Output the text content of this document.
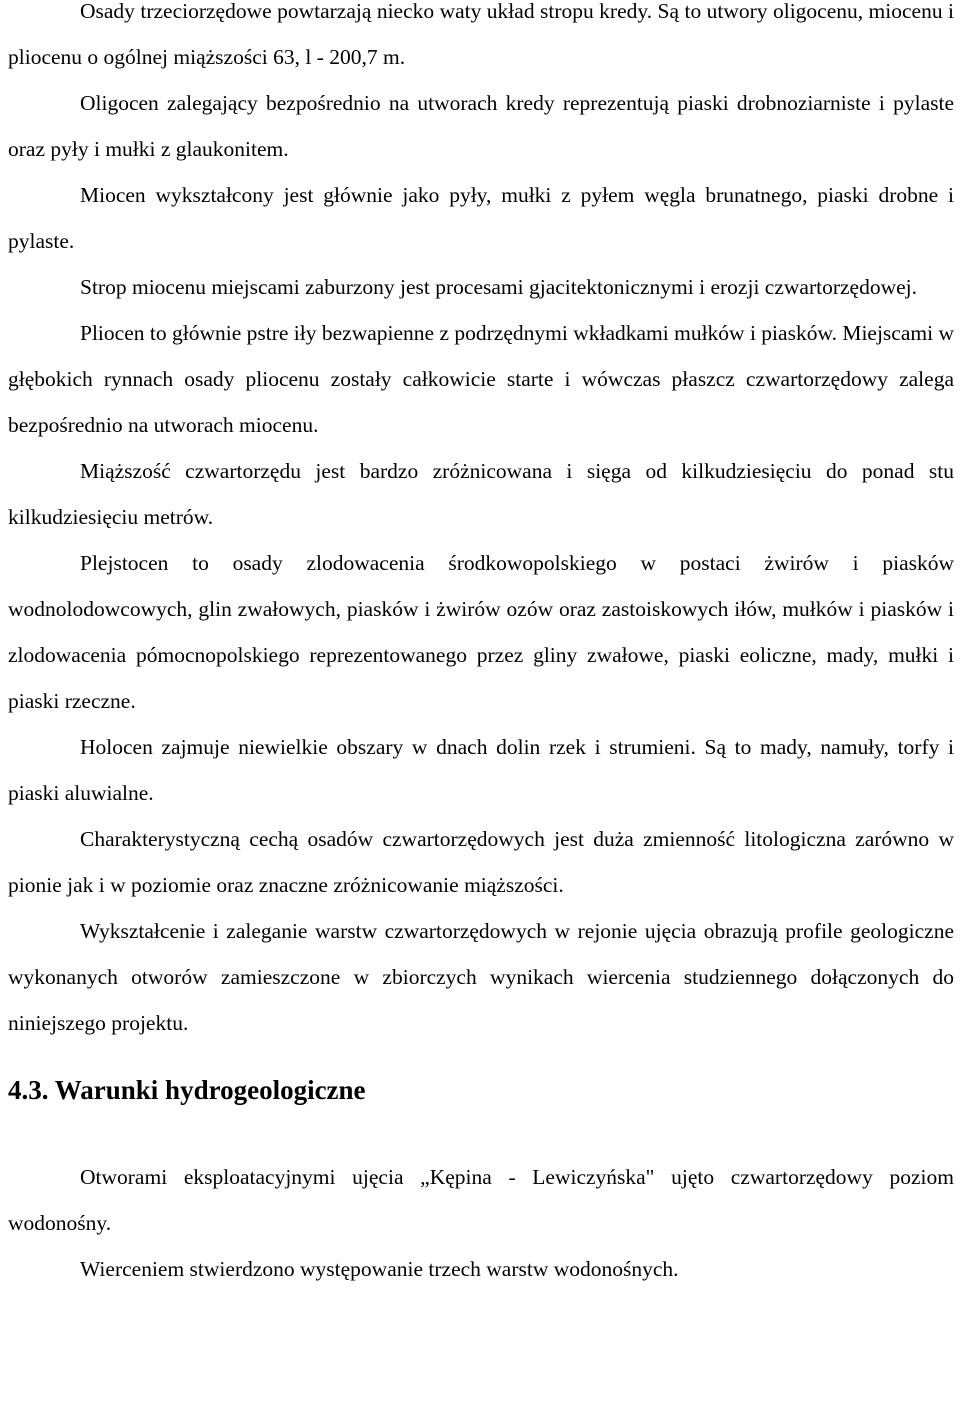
Osady trzeciorzędowe powtarzają niecko waty układ stropu kredy. Są to utwory oligocenu, miocenu i pliocenu o ogólnej miąższości 63, l - 200,7 m.

Oligocen zalegający bezpośrednio na utworach kredy reprezentują piaski drobnoziarniste i pylaste oraz pyły i mułki z glaukonitem.

Miocen wykształcony jest głównie jako pyły, mułki z pyłem węgla brunatnego, piaski drobne i pylaste.

Strop miocenu miejscami zaburzony jest procesami gjacitektonicznymi i erozji czwartorzędowej.

Pliocen to głównie pstre iły bezwapienne z podrzędnymi wkładkami mułków i piasków. Miejscami w głębokich rynnach osady pliocenu zostały całkowicie starte i wówczas płaszcz czwartorzędowy zalega bezpośrednio na utworach miocenu.

Miąższość czwartorzędu jest bardzo zróżnicowana i sięga od kilkudziesięciu do ponad stu kilkudziesięciu metrów.

Plejstocen to osady zlodowacenia środkowopolskiego w postaci żwirów i piasków wodnolodowcowych, glin zwałowych, piasków i żwirów ozów oraz zastoiskowych iłów, mułków i piasków i zlodowacenia pómocnopolskiego reprezentowanego przez gliny zwałowe, piaski eoliczne, mady, mułki i piaski rzeczne.

Holocen zajmuje niewielkie obszary w dnach dolin rzek i strumieni. Są to mady, namuły, torfy i piaski aluwialne.

Charakterystyczną cechą osadów czwartorzędowych jest duża zmienność litologiczna zarówno w pionie jak i w poziomie oraz znaczne zróżnicowanie miąższości.

Wykształcenie i zaleganie warstw czwartorzędowych w rejonie ujęcia obrazują profile geologiczne wykonanych otworów zamieszczone w zbiorczych wynikach wiercenia studziennego dołączonych do niniejszego projektu.

4.3. Warunki hydrogeologiczne

Otworami eksploatacyjnymi ujęcia „Kępina - Lewiczyńska" ujęto czwartorzędowy poziom wodonośny.

Wierceniem stwierdzono występowanie trzech warstw wodonośnych.
